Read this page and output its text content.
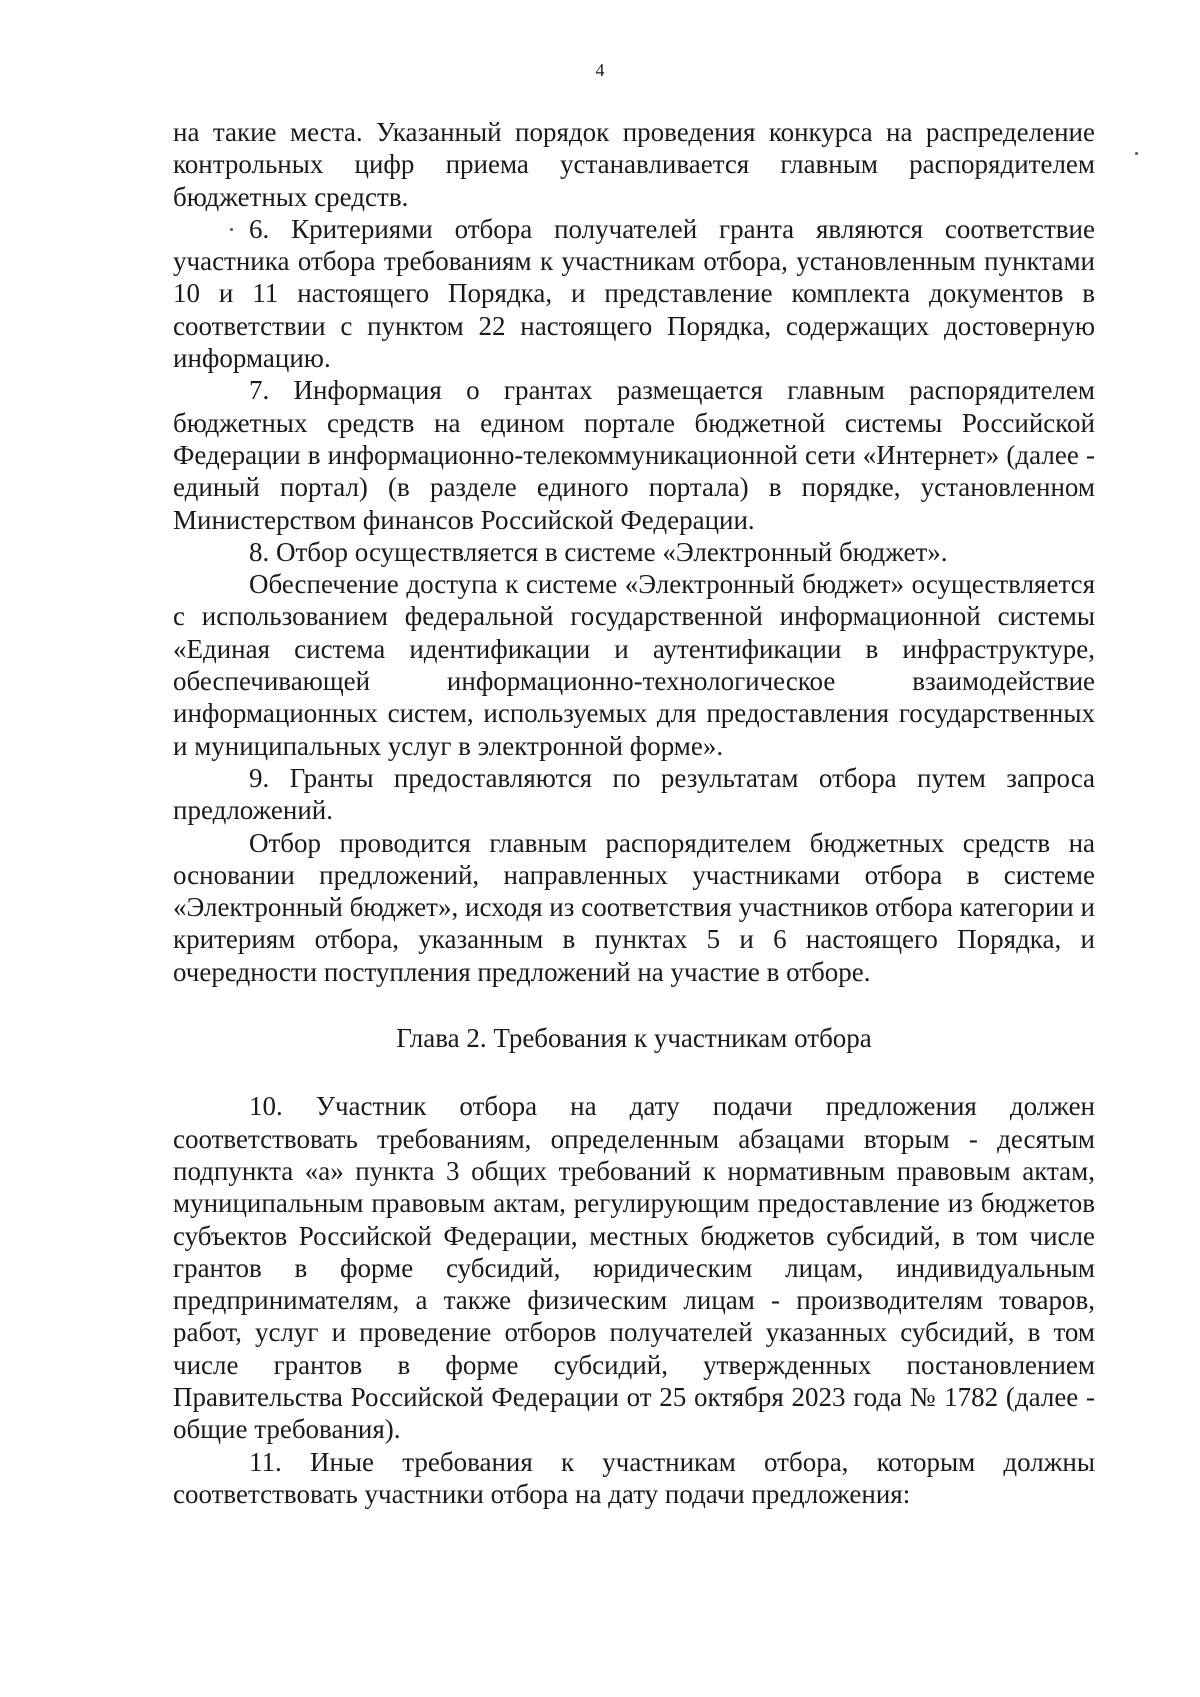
4

на такие места. Указанный порядок проведения конкурса на распределение контрольных цифр приема устанавливается главным распорядителем бюджетных средств.

6. Критериями отбора получателей гранта являются соответствие участника отбора требованиям к участникам отбора, установленным пунктами 10 и 11 настоящего Порядка, и представление комплекта документов в соответствии с пунктом 22 настоящего Порядка, содержащих достоверную информацию.

7. Информация о грантах размещается главным распорядителем бюджетных средств на едином портале бюджетной системы Российской Федерации в информационно-телекоммуникационной сети «Интернет» (далее - единый портал) (в разделе единого портала) в порядке, установленном Министерством финансов Российской Федерации.

8. Отбор осуществляется в системе «Электронный бюджет».

Обеспечение доступа к системе «Электронный бюджет» осуществляется с использованием федеральной государственной информационной системы «Единая система идентификации и аутентификации в инфраструктуре, обеспечивающей информационно-технологическое взаимодействие информационных систем, используемых для предоставления государственных и муниципальных услуг в электронной форме».

9. Гранты предоставляются по результатам отбора путем запроса предложений.

Отбор проводится главным распорядителем бюджетных средств на основании предложений, направленных участниками отбора в системе «Электронный бюджет», исходя из соответствия участников отбора категории и критериям отбора, указанным в пунктах 5 и 6 настоящего Порядка, и очередности поступления предложений на участие в отборе.

Глава 2. Требования к участникам отбора

10. Участник отбора на дату подачи предложения должен соответствовать требованиям, определенным абзацами вторым - десятым подпункта «а» пункта 3 общих требований к нормативным правовым актам, муниципальным правовым актам, регулирующим предоставление из бюджетов субъектов Российской Федерации, местных бюджетов субсидий, в том числе грантов в форме субсидий, юридическим лицам, индивидуальным предпринимателям, а также физическим лицам - производителям товаров, работ, услуг и проведение отборов получателей указанных субсидий, в том числе грантов в форме субсидий, утвержденных постановлением Правительства Российской Федерации от 25 октября 2023 года № 1782 (далее - общие требования).

11. Иные требования к участникам отбора, которым должны соответствовать участники отбора на дату подачи предложения:
